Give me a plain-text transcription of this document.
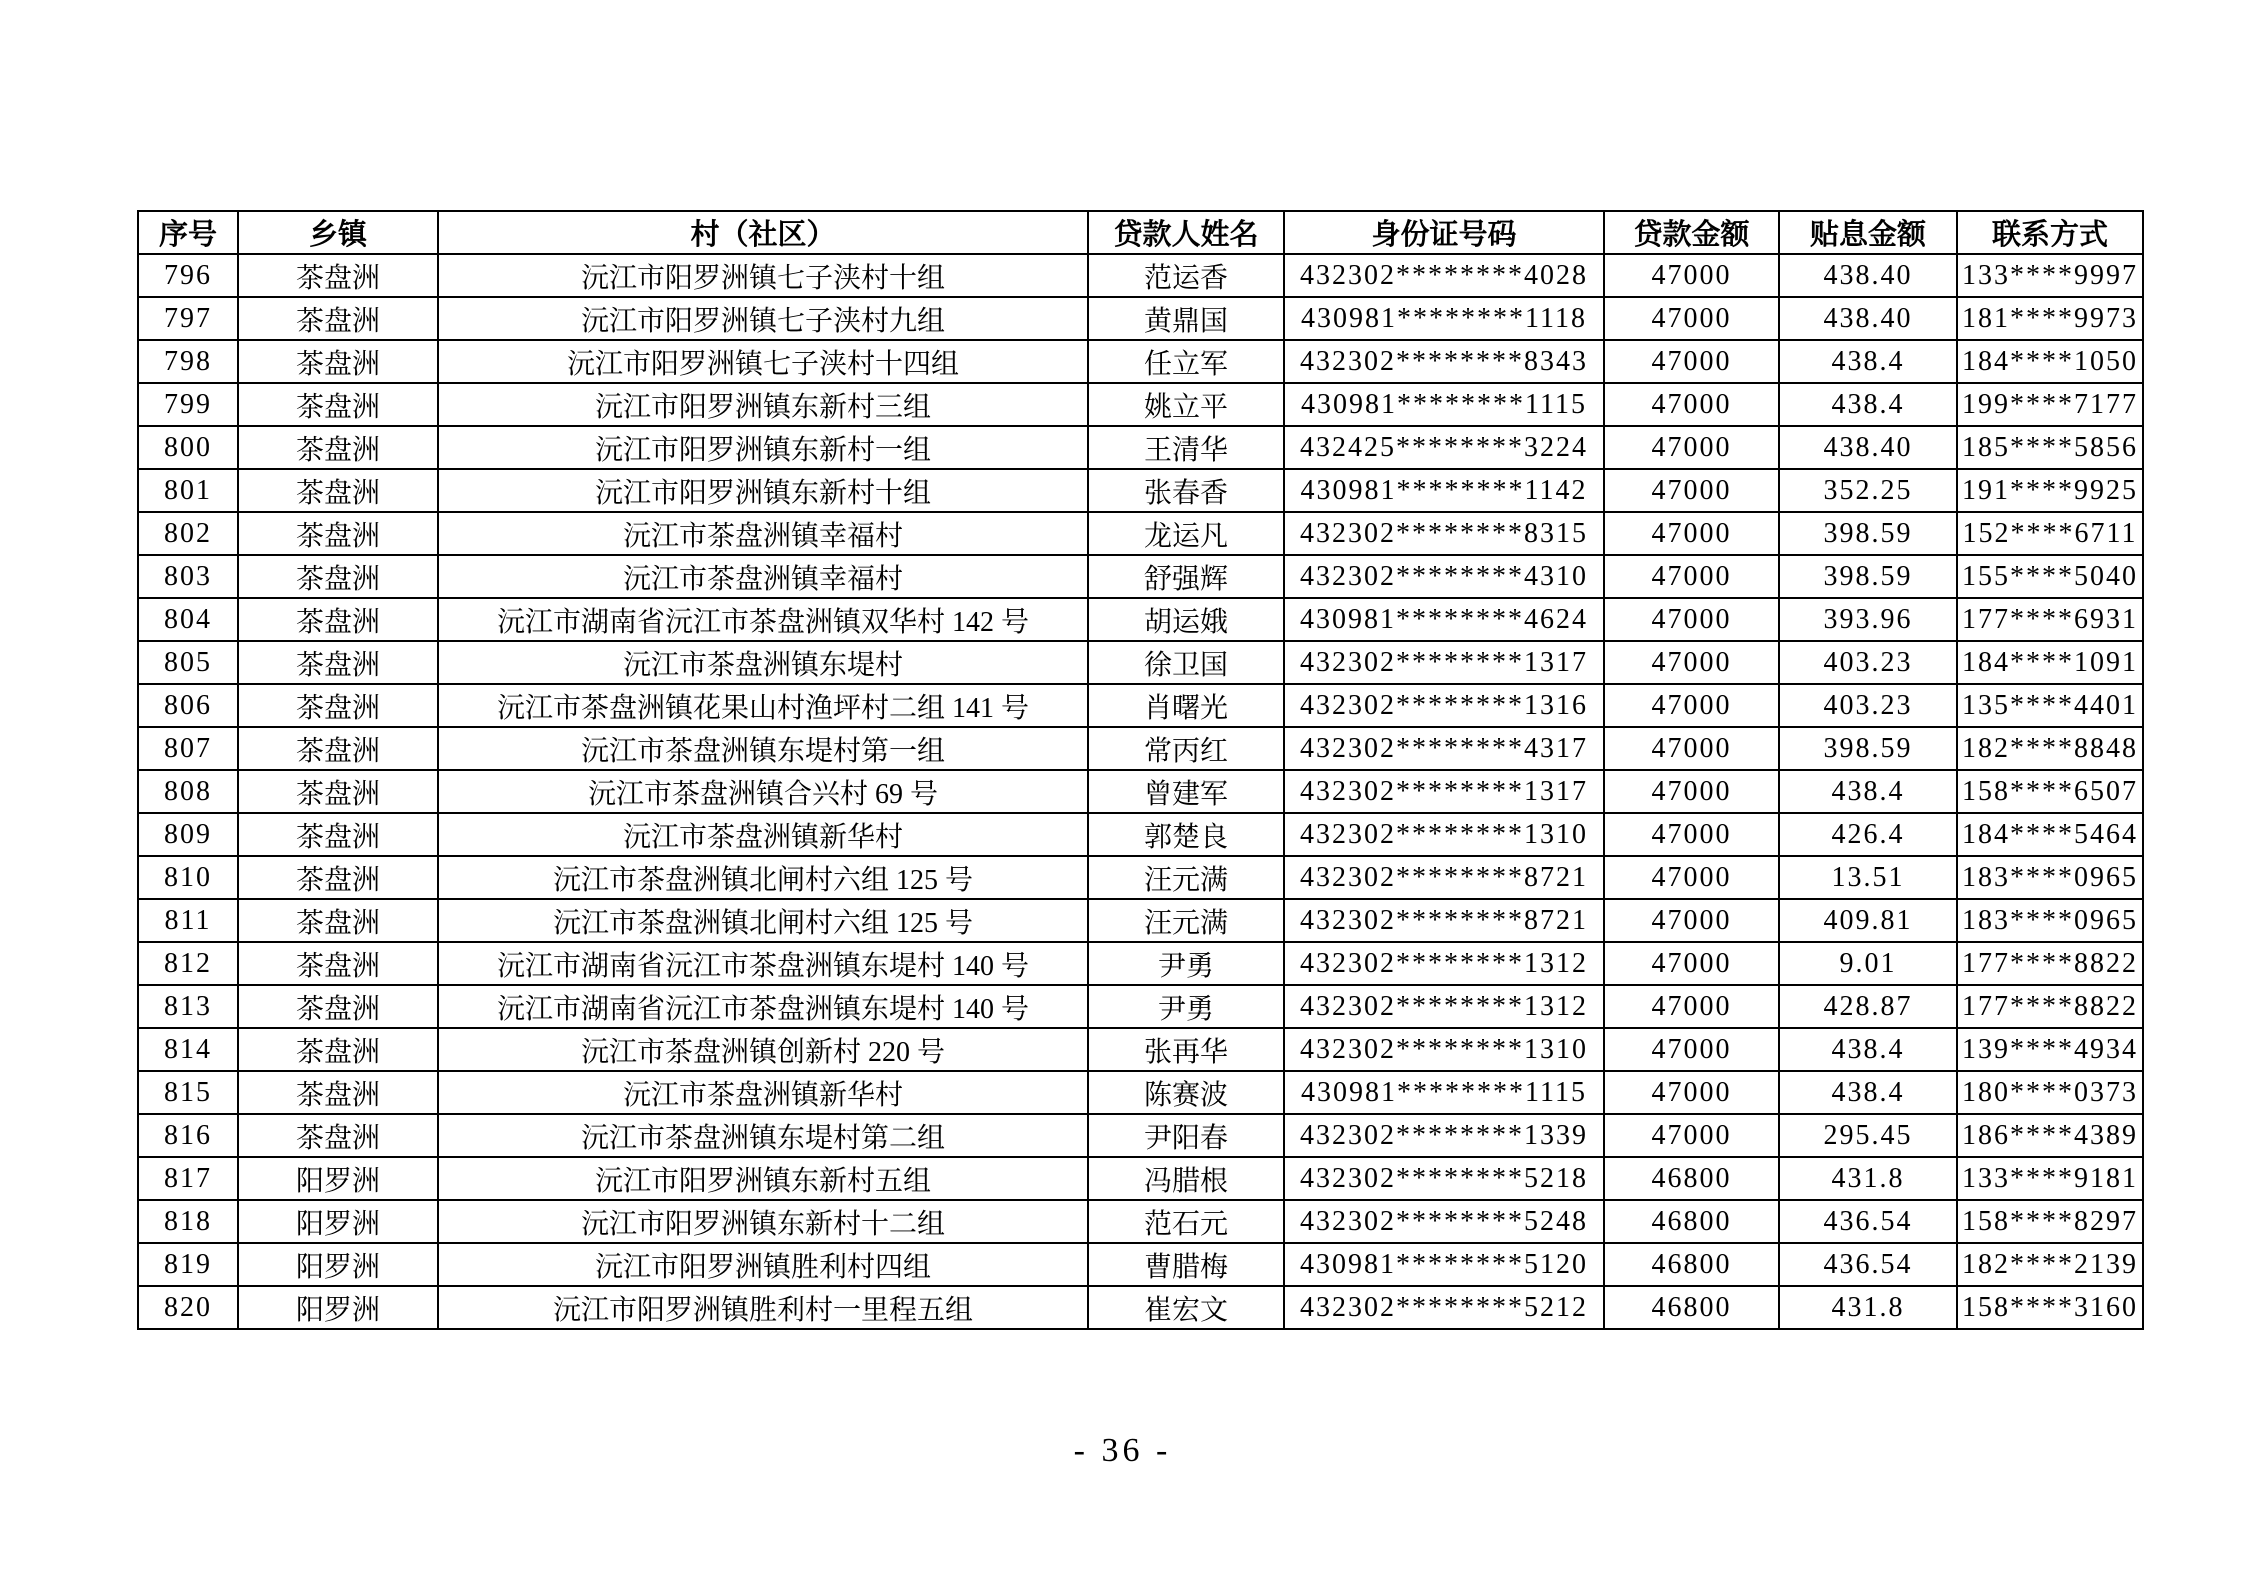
序号	乡镇	村（社区）	贷款人姓名	身份证号码	贷款金额	贴息金额	联系方式
796	茶盘洲	沅江市阳罗洲镇七子浃村十组	范运香	432302********4028	47000	438.40	133****9997
797	茶盘洲	沅江市阳罗洲镇七子浃村九组	黄鼎国	430981********1118	47000	438.40	181****9973
798	茶盘洲	沅江市阳罗洲镇七子浃村十四组	任立军	432302********8343	47000	438.4	184****1050
799	茶盘洲	沅江市阳罗洲镇东新村三组	姚立平	430981********1115	47000	438.4	199****7177
800	茶盘洲	沅江市阳罗洲镇东新村一组	王清华	432425********3224	47000	438.40	185****5856
801	茶盘洲	沅江市阳罗洲镇东新村十组	张春香	430981********1142	47000	352.25	191****9925
802	茶盘洲	沅江市茶盘洲镇幸福村	龙运凡	432302********8315	47000	398.59	152****6711
803	茶盘洲	沅江市茶盘洲镇幸福村	舒强辉	432302********4310	47000	398.59	155****5040
804	茶盘洲	沅江市湖南省沅江市茶盘洲镇双华村 142 号	胡运娥	430981********4624	47000	393.96	177****6931
805	茶盘洲	沅江市茶盘洲镇东堤村	徐卫国	432302********1317	47000	403.23	184****1091
806	茶盘洲	沅江市茶盘洲镇花果山村渔坪村二组 141 号	肖曙光	432302********1316	47000	403.23	135****4401
807	茶盘洲	沅江市茶盘洲镇东堤村第一组	常丙红	432302********4317	47000	398.59	182****8848
808	茶盘洲	沅江市茶盘洲镇合兴村 69 号	曾建军	432302********1317	47000	438.4	158****6507
809	茶盘洲	沅江市茶盘洲镇新华村	郭楚良	432302********1310	47000	426.4	184****5464
810	茶盘洲	沅江市茶盘洲镇北闸村六组 125 号	汪元满	432302********8721	47000	13.51	183****0965
811	茶盘洲	沅江市茶盘洲镇北闸村六组 125 号	汪元满	432302********8721	47000	409.81	183****0965
812	茶盘洲	沅江市湖南省沅江市茶盘洲镇东堤村 140 号	尹勇	432302********1312	47000	9.01	177****8822
813	茶盘洲	沅江市湖南省沅江市茶盘洲镇东堤村 140 号	尹勇	432302********1312	47000	428.87	177****8822
814	茶盘洲	沅江市茶盘洲镇创新村 220 号	张再华	432302********1310	47000	438.4	139****4934
815	茶盘洲	沅江市茶盘洲镇新华村	陈赛波	430981********1115	47000	438.4	180****0373
816	茶盘洲	沅江市茶盘洲镇东堤村第二组	尹阳春	432302********1339	47000	295.45	186****4389
817	阳罗洲	沅江市阳罗洲镇东新村五组	冯腊根	432302********5218	46800	431.8	133****9181
818	阳罗洲	沅江市阳罗洲镇东新村十二组	范石元	432302********5248	46800	436.54	158****8297
819	阳罗洲	沅江市阳罗洲镇胜利村四组	曹腊梅	430981********5120	46800	436.54	182****2139
820	阳罗洲	沅江市阳罗洲镇胜利村一里程五组	崔宏文	432302********5212	46800	431.8	158****3160
- 36 -
